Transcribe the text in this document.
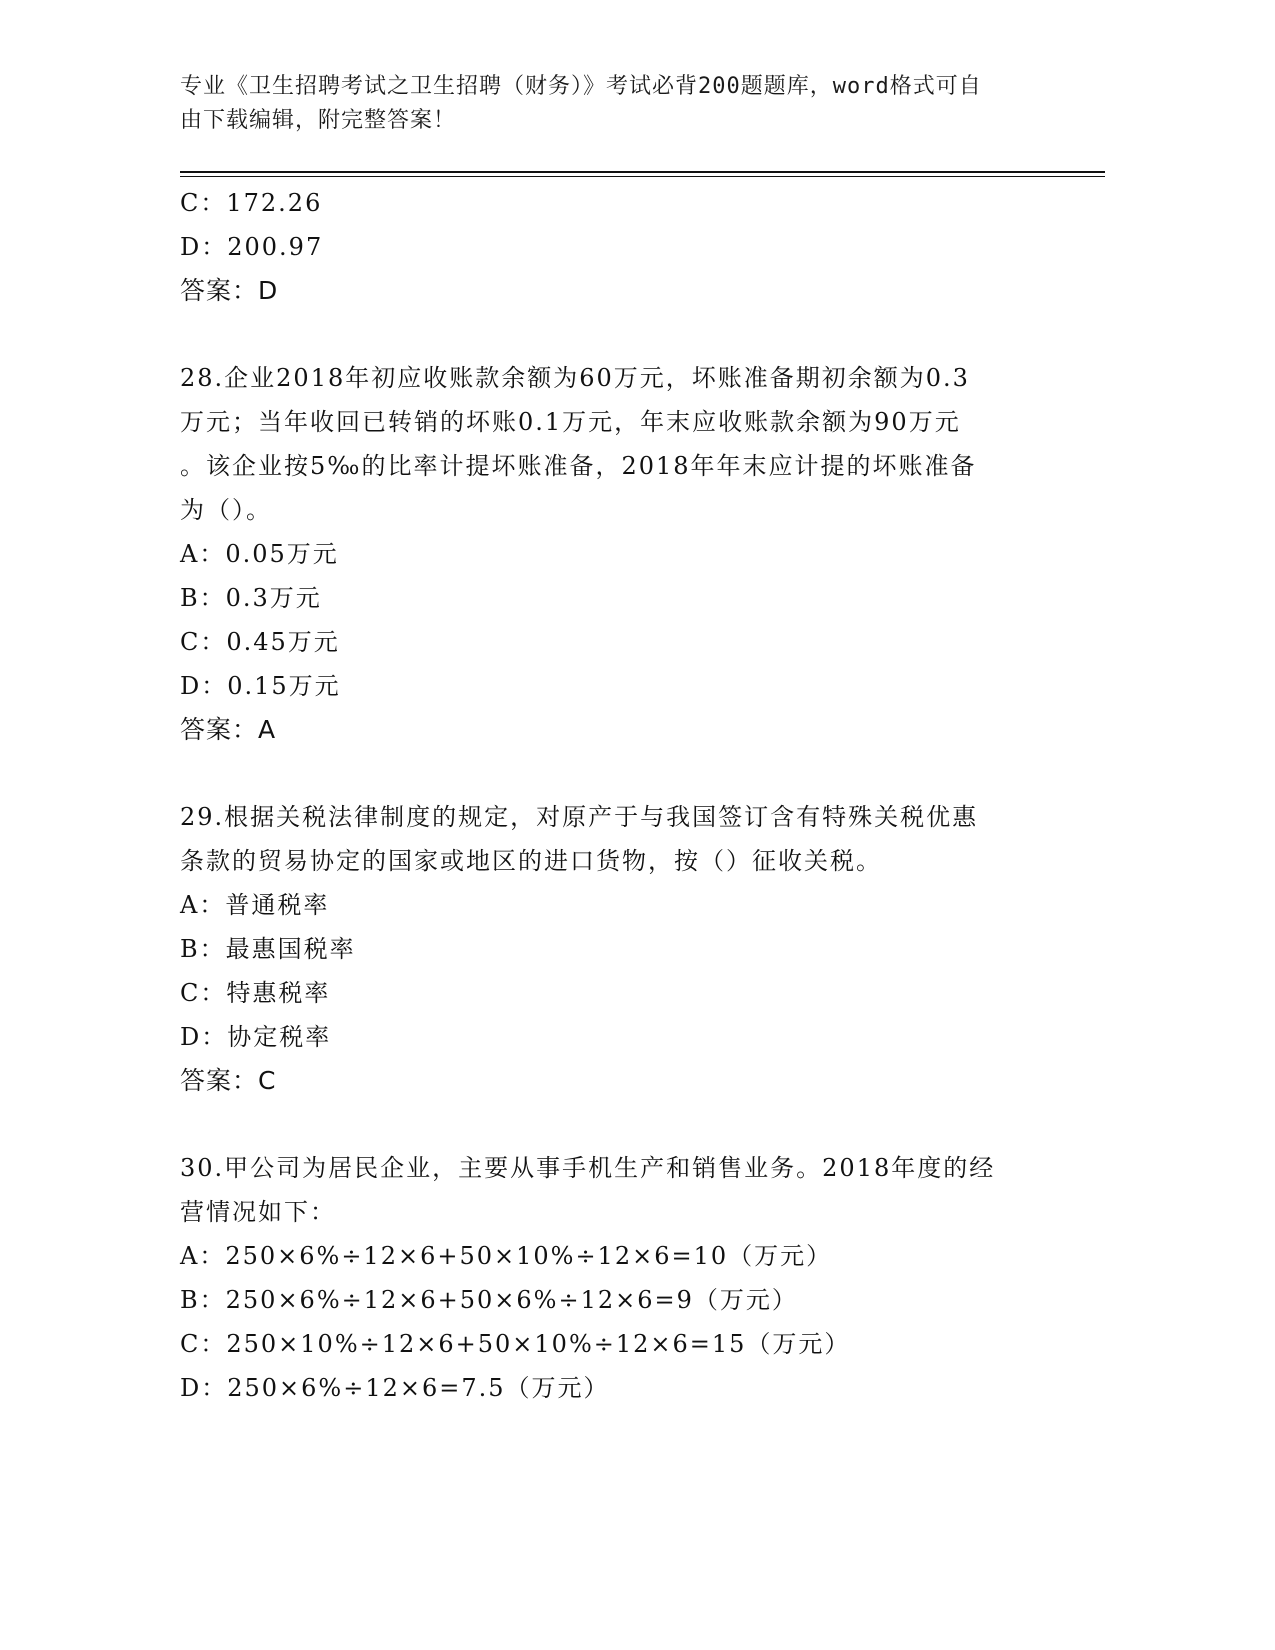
专业《卫生招聘考试之卫生招聘（财务）》考试必背200题题库，word格式可自
由下载编辑，附完整答案！
C：172.26
D：200.97
答案：D
28.企业2018年初应收账款余额为60万元，坏账准备期初余额为0.3
万元；当年收回已转销的坏账0.1万元，年末应收账款余额为90万元
。该企业按5‰的比率计提坏账准备，2018年年末应计提的坏账准备
为（）。
A：0.05万元
B：0.3万元
C：0.45万元
D：0.15万元
答案：A
29.根据关税法律制度的规定，对原产于与我国签订含有特殊关税优惠
条款的贸易协定的国家或地区的进口货物，按（）征收关税。
A：普通税率
B：最惠国税率
C：特惠税率
D：协定税率
答案：C
30.甲公司为居民企业，主要从事手机生产和销售业务。2018年度的经
营情况如下：
A：250×6%÷12×6+50×10%÷12×6=10（万元）
B：250×6%÷12×6+50×6%÷12×6=9（万元）
C：250×10%÷12×6+50×10%÷12×6=15（万元）
D：250×6%÷12×6=7.5（万元）
